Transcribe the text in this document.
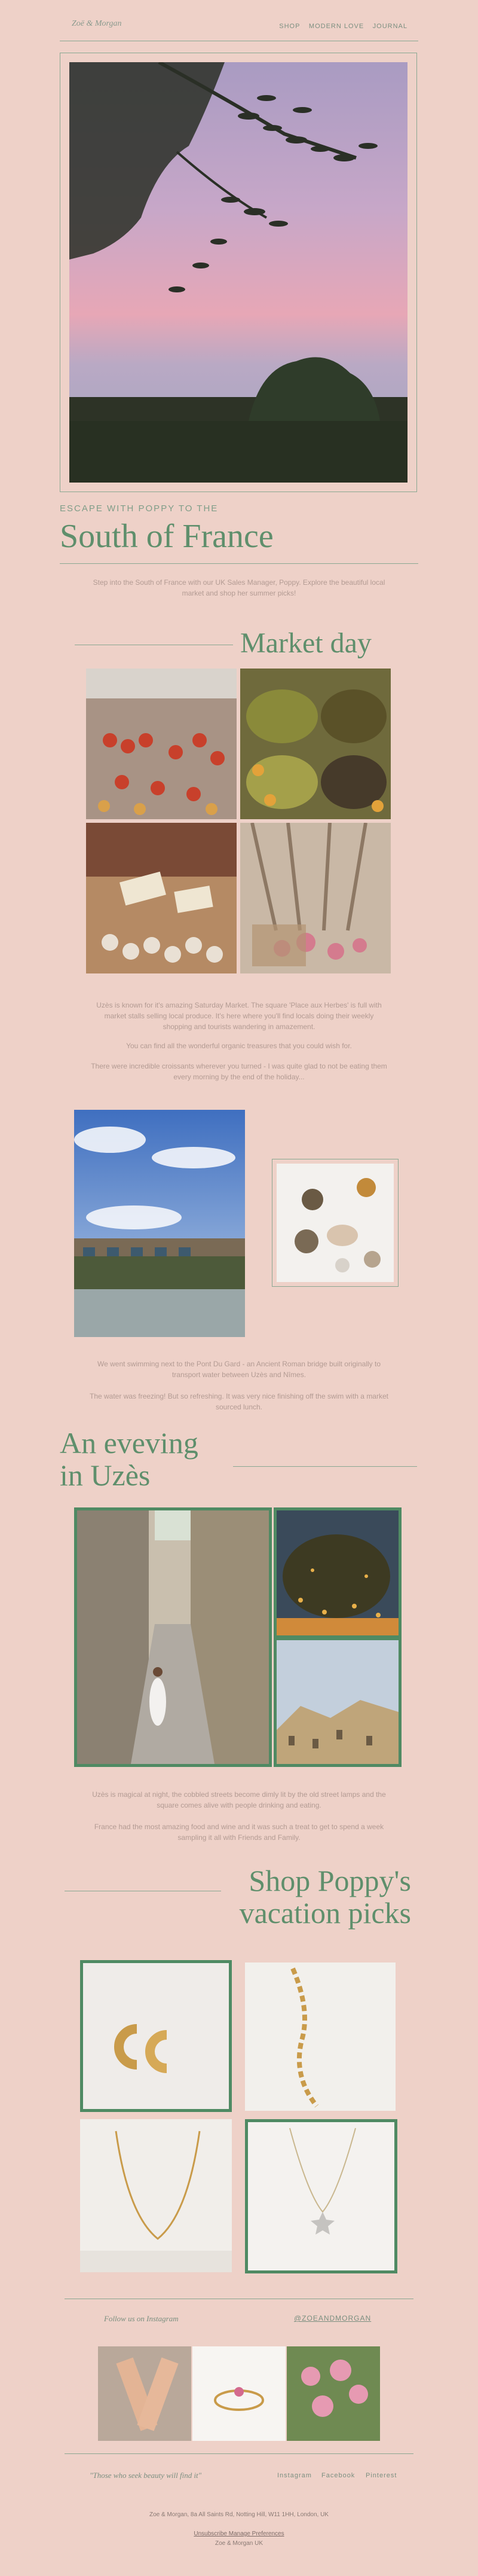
Zoë & Morgan	SHOP MODERN LOVE JOURNAL
ESCAPE WITH POPPY TO THE
South of France
Step into the South of France with our UK Sales Manager, Poppy. Explore the beautiful local market and shop her summer picks!
Market day
Uzès is known for it's amazing Saturday Market. The square 'Place aux Herbes' is full with market stalls selling local produce. It's here where you'll find locals doing their weekly shopping and tourists wandering in amazement.
You can find all the wonderful organic treasures that you could wish for.
There were incredible croissants wherever you turned - I was quite glad to not be eating them every morning by the end of the holiday...
We went swimming next to the Pont Du Gard - an Ancient Roman bridge built originally to transport water between Uzès and Nîmes.
The water was freezing! But so refreshing. It was very nice finishing off the swim with a market sourced lunch.
An eveving
in Uzès
Uzès is magical at night, the cobbled streets become dimly lit by the old street lamps and the square comes alive with people drinking and eating.
France had the most amazing food and wine and it was such a treat to get to spend a week sampling it all with Friends and Family.
Shop Poppy's
vacation picks
Follow us on Instagram	@ZOEANDMORGAN
"Those who seek beauty will find it"	Instagram Facebook Pinterest
Zoe & Morgan, 8a All Saints Rd, Notting Hill, W11 1HH, London, UK
Unsubscribe Manage Preferences
Zoe & Morgan UK
